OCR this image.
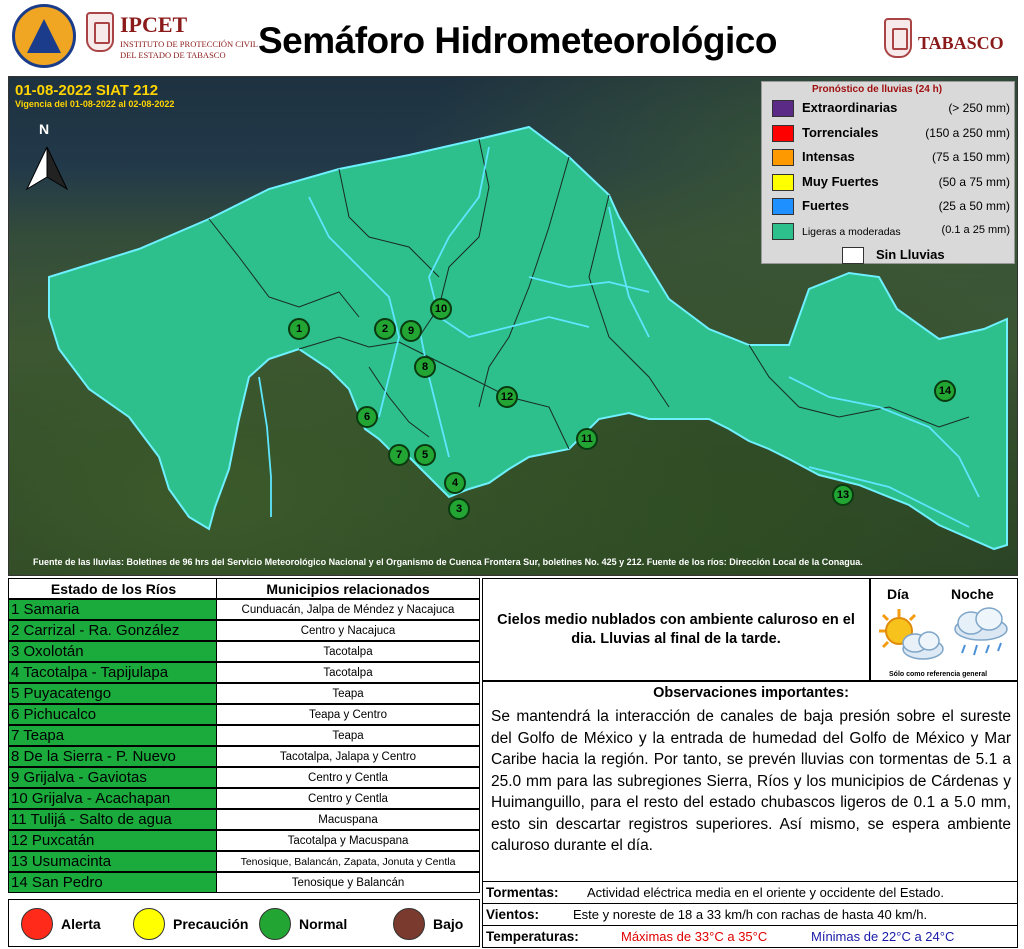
IPCET
INSTITUTO DE PROTECCIÓN CIVIL
DEL ESTADO DE TABASCO Semáforo Hidrometeorológico	TABASCO
01-08-2022 SIAT 212
Vigencia del 01-08-2022 al 02-08-2022
N
1	2
3
4
5
6
7
8
9
10
11
12
13
14
Fuente de las lluvias: Boletines de 96 hrs del Servicio Meteorológico Nacional y el Organismo de Cuenca Frontera Sur, boletines No. 425 y 212. Fuente de los ríos: Dirección Local de la Conagua.
Pronóstico de lluvias (24 h)
Extraordinarias	(> 250 mm)
Torrenciales	(150 a 250 mm)
Intensas	(75 a 150 mm)
Muy Fuertes	(50 a 75 mm)
Fuertes	(25 a 50 mm)
Ligeras a moderadas	(0.1 a 25 mm)
Sin Lluvias
Estado de los Ríos	Municipios relacionados
1 Samaria	Cunduacán, Jalpa de Méndez y Nacajuca
2 Carrizal - Ra. González	Centro y Nacajuca
3 Oxolotán	Tacotalpa
4 Tacotalpa - Tapijulapa	Tacotalpa
5 Puyacatengo	Teapa
6 Pichucalco	Teapa y Centro
7 Teapa	Teapa
8 De la Sierra - P. Nuevo	Tacotalpa, Jalapa y Centro
9 Grijalva - Gaviotas	Centro y Centla
10 Grijalva - Acachapan	Centro y Centla
11 Tulijá - Salto de agua	Macuspana
12 Puxcatán	Tacotalpa y Macuspana
13 Usumacinta	Tenosique, Balancán, Zapata, Jonuta y Centla
14 San Pedro	Tenosique y Balancán
Alerta	Precaución	Normal	Bajo
Cielos medio nublados con ambiente caluroso en el dia. Lluvias al final de la tarde.
Día	Noche
Sólo como referencia general
Observaciones importantes:
Se mantendrá la interacción de canales de baja presión sobre el sureste del Golfo de México y la entrada de humedad del Golfo de México y Mar Caribe hacia la región. Por tanto, se prevén lluvias con tormentas de 5.1 a 25.0 mm para las subregiones Sierra, Ríos y los municipios de Cárdenas y Huimanguillo, para el resto del estado chubascos ligeros de 0.1 a 5.0 mm, esto sin descartar registros superiores. Así mismo, se espera ambiente caluroso durante el día.
Tormentas: Actividad eléctrica media en el oriente y occidente del Estado.
Vientos:	Este y noreste de 18 a 33 km/h con rachas de hasta 40 km/h.
Temperaturas:	Máximas de 33°C a 35°C	Mínimas de 22°C a 24°C
